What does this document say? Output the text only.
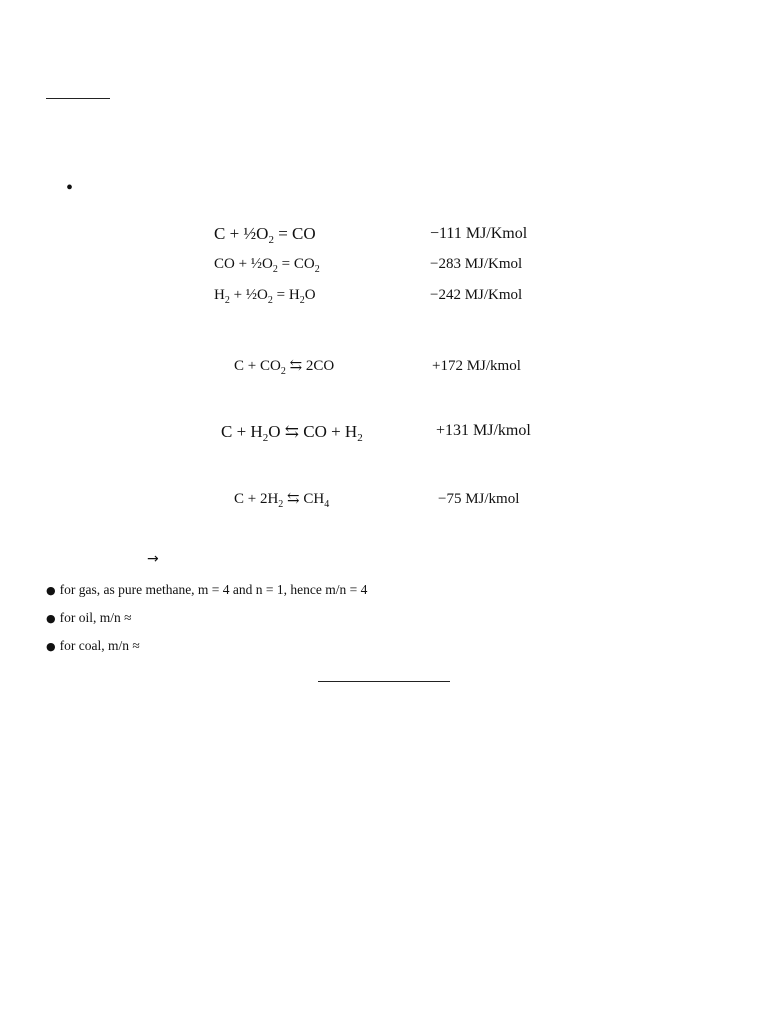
•
$C + \frac{1}{2}O_2$ = CO	−111 MJ/Kmol
CO + $\frac{1}{2}O_2 = CO_2$	−283 MJ/Kmol
$H_2$ + $\frac{1}{2}O_2 = H_2O$	−242 MJ/Kmol
$C + CO_2$ ⇆ 2CO	+172 MJ/kmol
$C + H_2O$ ⇆ CO + $H_2$	+131 MJ/kmol
$C + 2H_2$ ⇆ $CH_4$	−75 MJ/kmol
→
● for gas, as pure methane, m = 4 and n = 1, hence m/n = 4
● for oil, m/n ≈
● for coal, m/n ≈
